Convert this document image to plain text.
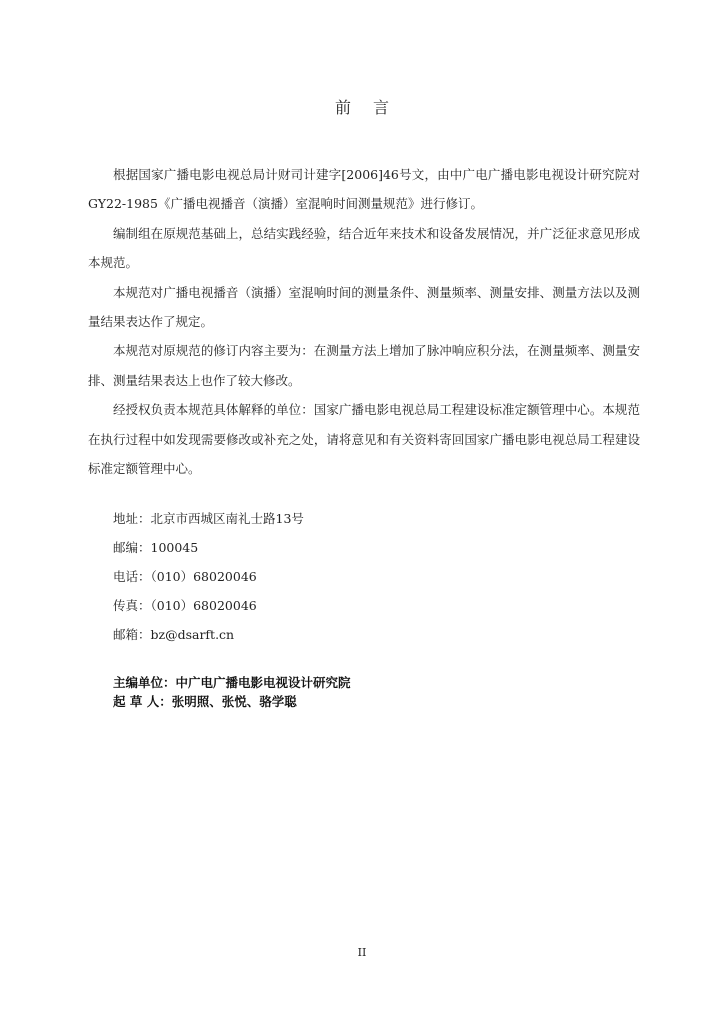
前言

根据国家广播电影电视总局计财司计建字[2006]46号文，由中广电广播电影电视设计研究院对GY22-1985《广播电视播音（演播）室混响时间测量规范》进行修订。

编制组在原规范基础上，总结实践经验，结合近年来技术和设备发展情况，并广泛征求意见形成本规范。

本规范对广播电视播音（演播）室混响时间的测量条件、测量频率、测量安排、测量方法以及测量结果表达作了规定。

本规范对原规范的修订内容主要为：在测量方法上增加了脉冲响应积分法，在测量频率、测量安排、测量结果表达上也作了较大修改。

经授权负责本规范具体解释的单位：国家广播电影电视总局工程建设标准定额管理中心。本规范在执行过程中如发现需要修改或补充之处，请将意见和有关资料寄回国家广播电影电视总局工程建设标准定额管理中心。

地址：北京市西城区南礼士路13号
邮编：100045
电话：（010）68020046
传真：（010）68020046
邮箱：bz@dsarft.cn
主编单位：中广电广播电影电视设计研究院
起 草 人：张明照、张悦、骆学聪
II
